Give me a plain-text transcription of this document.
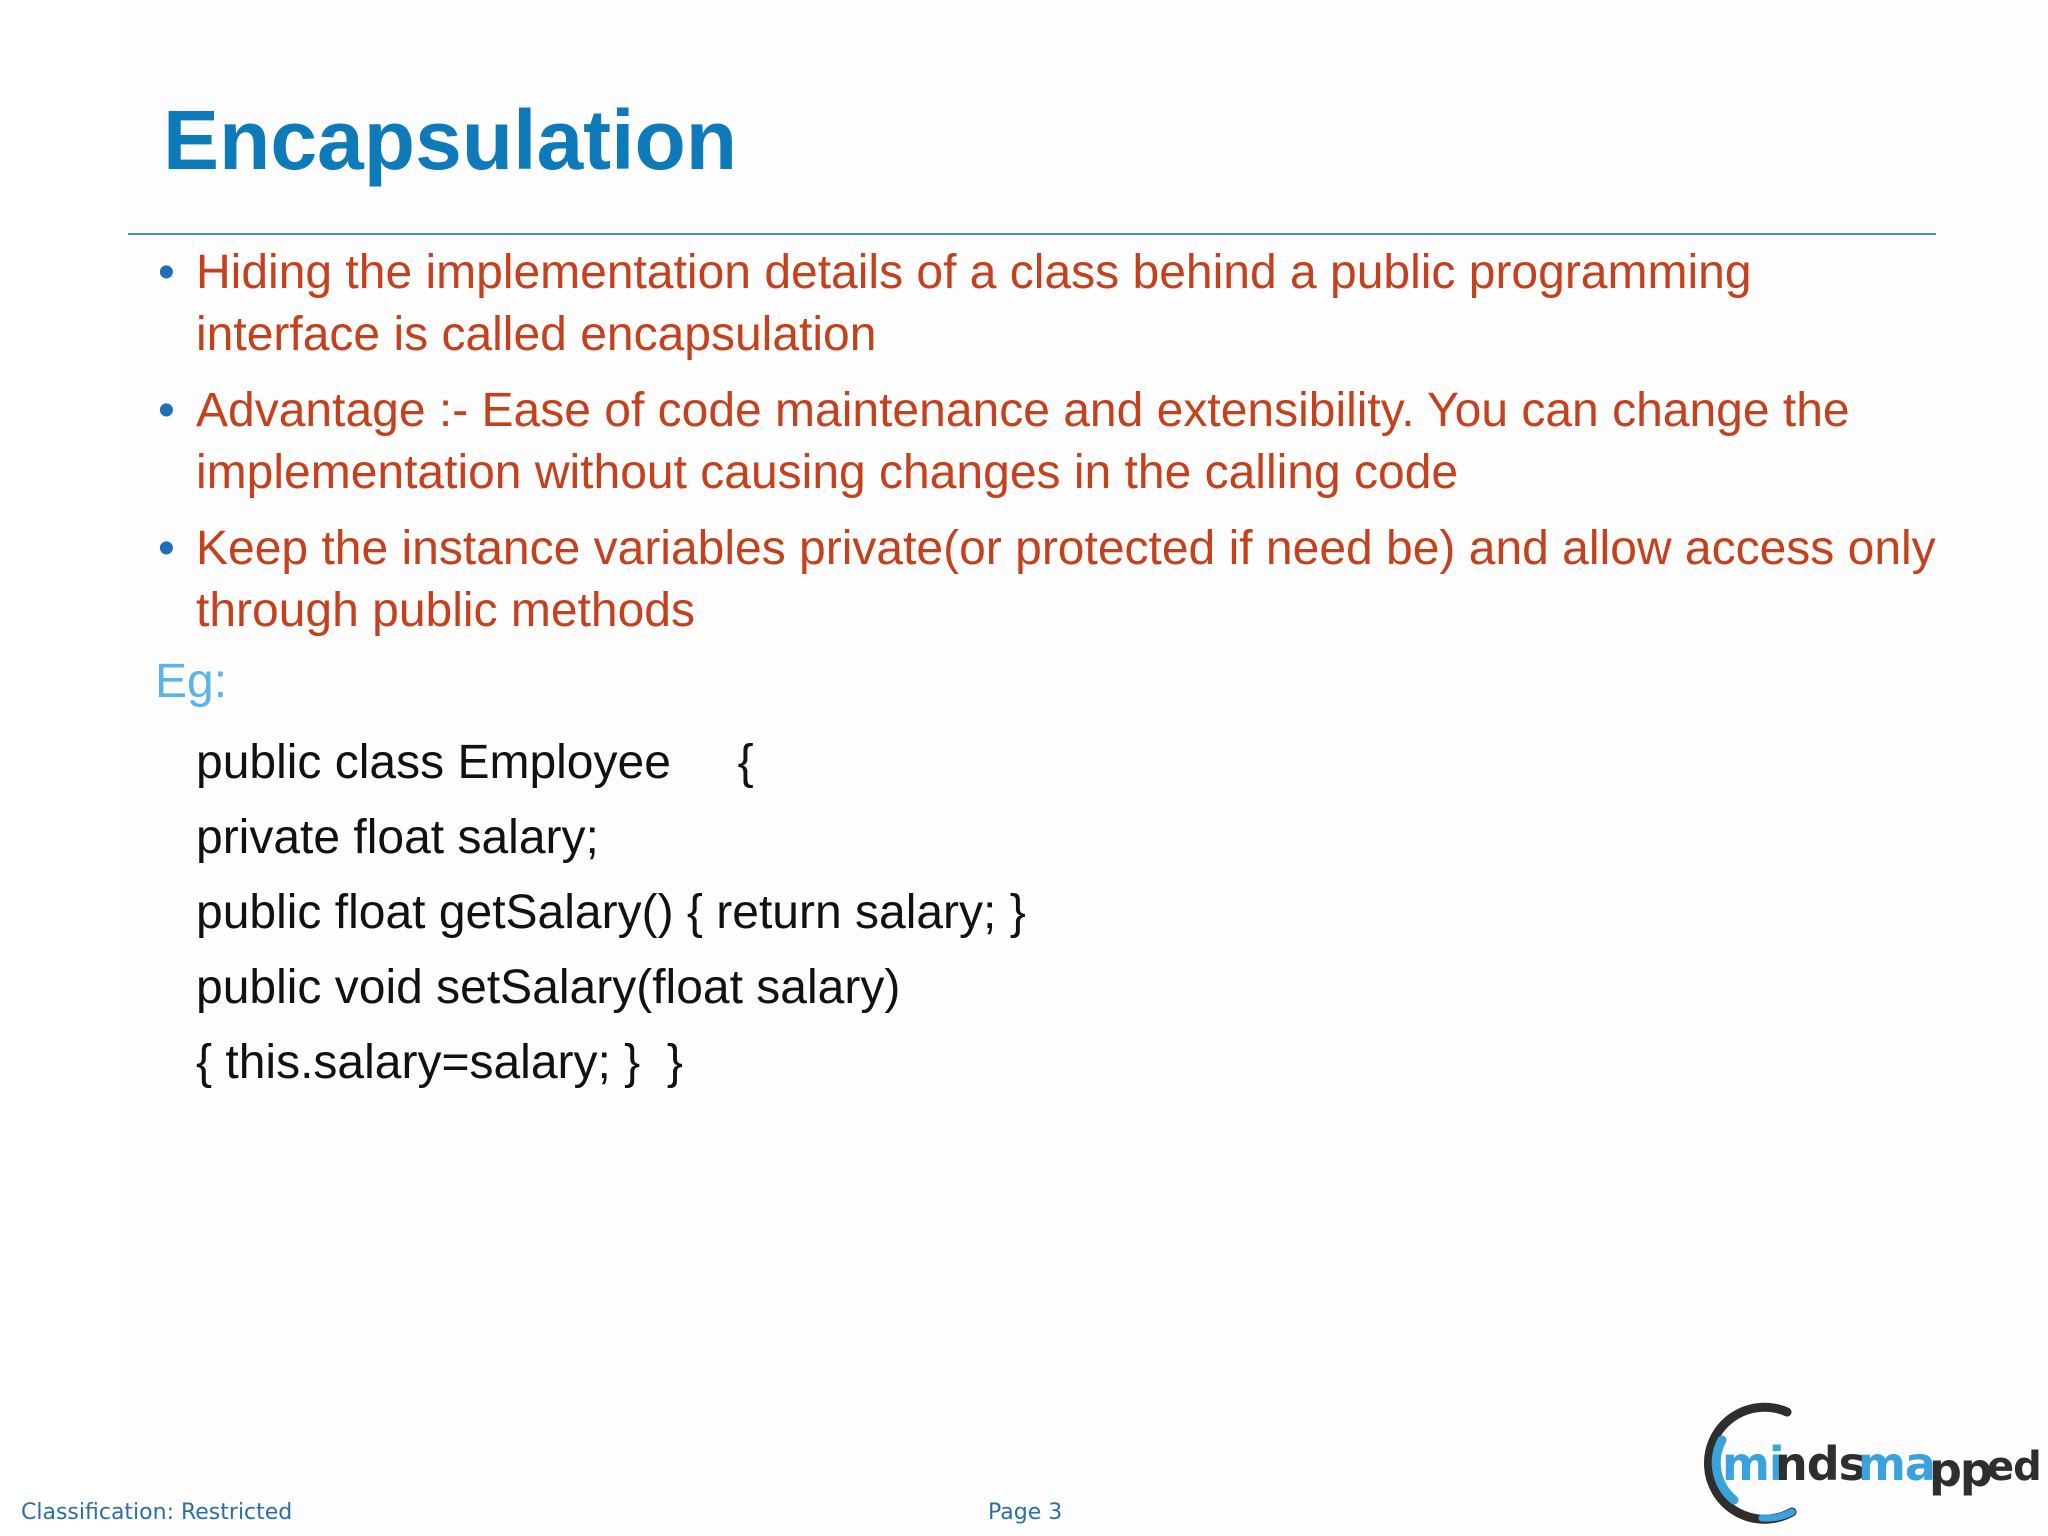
Encapsulation
• Hiding the implementation details of a class behind a public programming interface is called encapsulation
• Advantage :- Ease of code maintenance and extensibility. You can change the implementation without causing changes in the calling code
• Keep the instance variables private(or protected if need be) and allow access only through public methods
Eg:
public class Employee     {
private float salary;
public float getSalary() { return salary; }
public void setSalary(float salary)
{ this.salary=salary; }  }
Classification: Restricted	Page 3
mi
nds
ma
pp
ed
